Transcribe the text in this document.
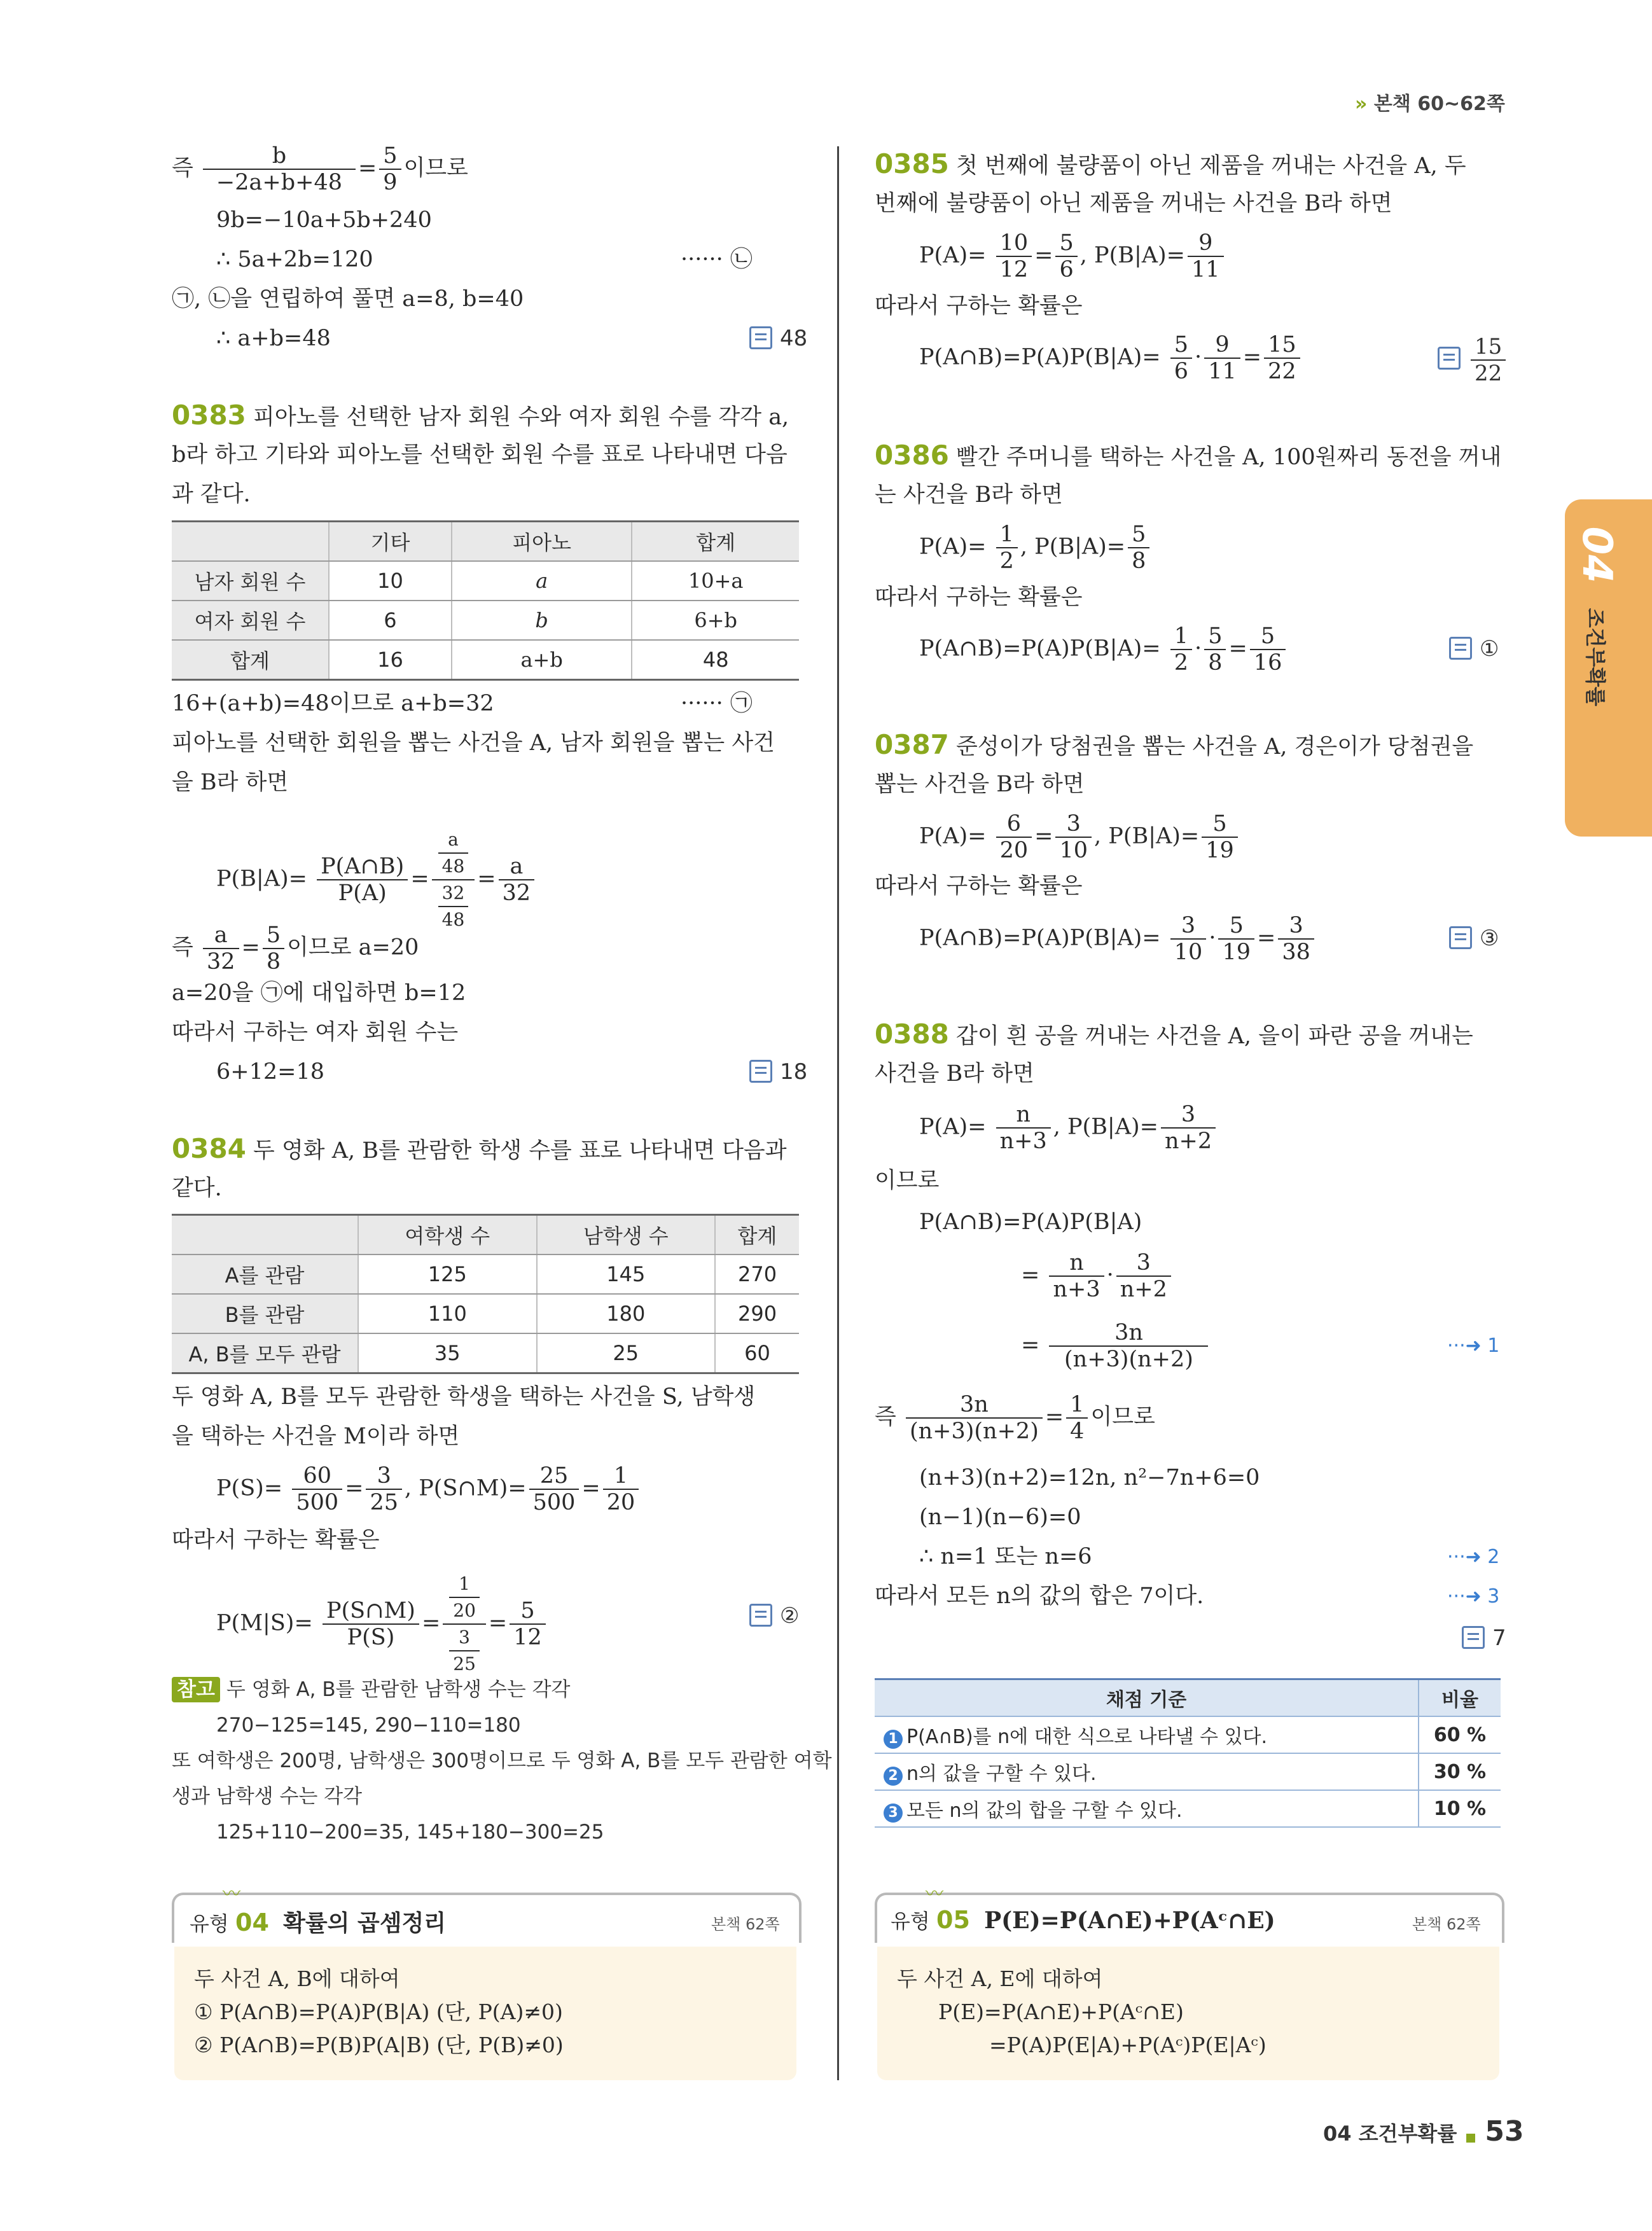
» 본책 60~62쪽
즉 $\frac{b}{-2a+b+48} = \frac{5}{9}$ 이므로
9b=−10a+5b+240
∴ 5a+2b=120	······ ㉡
㉠, ㉡을 연립하여 풀면 a=8, b=40
∴ a+b=48	48
0383 피아노를 선택한 남자 회원 수와 여자 회원 수를 각각 a,
b라 하고 기타와 피아노를 선택한 회원 수를 표로 나타내면 다음
과 같다.
	기타	피아노	합계
남자 회원 수	10	a	10+a
여자 회원 수	6	b	6+b
합계	16	a+b	48
16+(a+b)=48이므로 a+b=32	······ ㉠
피아노를 선택한 회원을 뽑는 사건을 A, 남자 회원을 뽑는 사건
을 B라 하면
$P(B|A)= \frac{P(A\cap B)}{P(A)} = \frac{\frac{a}{48}}{\frac{32}{48}} = \frac{a}{32}$
즉 $\frac{a}{32} = \frac{5}{8}$ 이므로 a=20
a=20을 ㉠에 대입하면 b=12
따라서 구하는 여자 회원 수는
6+12=18	18
0384 두 영화 A, B를 관람한 학생 수를 표로 나타내면 다음과
같다.
	여학생 수	남학생 수	합계
A를 관람	125	145	270
B를 관람	110	180	290
A, B를 모두 관람	35	25	60
두 영화 A, B를 모두 관람한 학생을 택하는 사건을 S, 남학생
을 택하는 사건을 M이라 하면
$P(S)= \frac{60}{500} = \frac{3}{25}$ , P(S∩M)= $\frac{25}{500} = \frac{1}{20}$
따라서 구하는 확률은
$P(M|S)= \frac{P(S\cap M)}{P(S)} = \frac{\frac{1}{20}}{\frac{3}{25}} = \frac{5}{12}$	②
참고 두 영화 A, B를 관람한 남학생 수는 각각
270−125=145, 290−110=180
또 여학생은 200명, 남학생은 300명이므로 두 영화 A, B를 모두 관람한 여학
생과 남학생 수는 각각
125+110−200=35, 145+180−300=25
〰
유형 04 확률의 곱셈정리	본책 62쪽
두 사건 A, B에 대하여
① P(A∩B)=P(A)P(B|A) (단, P(A)≠0)
② P(A∩B)=P(B)P(A|B) (단, P(B)≠0)
0385 첫 번째에 불량품이 아닌 제품을 꺼내는 사건을 A, 두
번째에 불량품이 아닌 제품을 꺼내는 사건을 B라 하면
$P(A)= \frac{10}{12} = \frac{5}{6}$ , $P(B|A)= \frac{9}{11}$
따라서 구하는 확률은
P(A∩B)=P(A)P(B|A)= $\frac{5}{6} \cdot \frac{9}{11} = \frac{15}{22}$	$\frac{15}{22}$
0386 빨간 주머니를 택하는 사건을 A, 100원짜리 동전을 꺼내
는 사건을 B라 하면
$P(A)= \frac{1}{2}$ , $P(B|A)= \frac{5}{8}$
따라서 구하는 확률은
P(A∩B)=P(A)P(B|A)= $\frac{1}{2} \cdot \frac{5}{8} = \frac{5}{16}$	①
0387 준성이가 당첨권을 뽑는 사건을 A, 경은이가 당첨권을
뽑는 사건을 B라 하면
$P(A)= \frac{6}{20} = \frac{3}{10}$ , $P(B|A)= \frac{5}{19}$
따라서 구하는 확률은
P(A∩B)=P(A)P(B|A)= $\frac{3}{10} \cdot \frac{5}{19} = \frac{3}{38}$	③
0388 갑이 흰 공을 꺼내는 사건을 A, 을이 파란 공을 꺼내는
사건을 B라 하면
$P(A)= \frac{n}{n+3}$ , $P(B|A)= \frac{3}{n+2}$
이므로
P(A∩B)=P(A)P(B|A)
= $\frac{n}{n+3} \cdot \frac{3}{n+2}$
= $\frac{3n}{(n+3)(n+2)}$	···➜ 1
즉 $\frac{3n}{(n+3)(n+2)} = \frac{1}{4}$ 이므로
(n+3)(n+2)=12n, n²−7n+6=0
(n−1)(n−6)=0
∴ n=1 또는 n=6	···➜ 2
따라서 모든 n의 값의 합은 7이다.	···➜ 3
7
채점 기준	비율
1 P(A∩B)를 n에 대한 식으로 나타낼 수 있다.	60 %
2 n의 값을 구할 수 있다.	30 %
3 모든 n의 값의 합을 구할 수 있다.	10 %
〰
유형 05 P(E)=P(A∩E)+P(Aᶜ∩E)	본책 62쪽
두 사건 A, E에 대하여
P(E)=P(A∩E)+P(Aᶜ∩E)
=P(A)P(E|A)+P(Aᶜ)P(E|Aᶜ)
04
조건부확률
04 조건부확률 53
